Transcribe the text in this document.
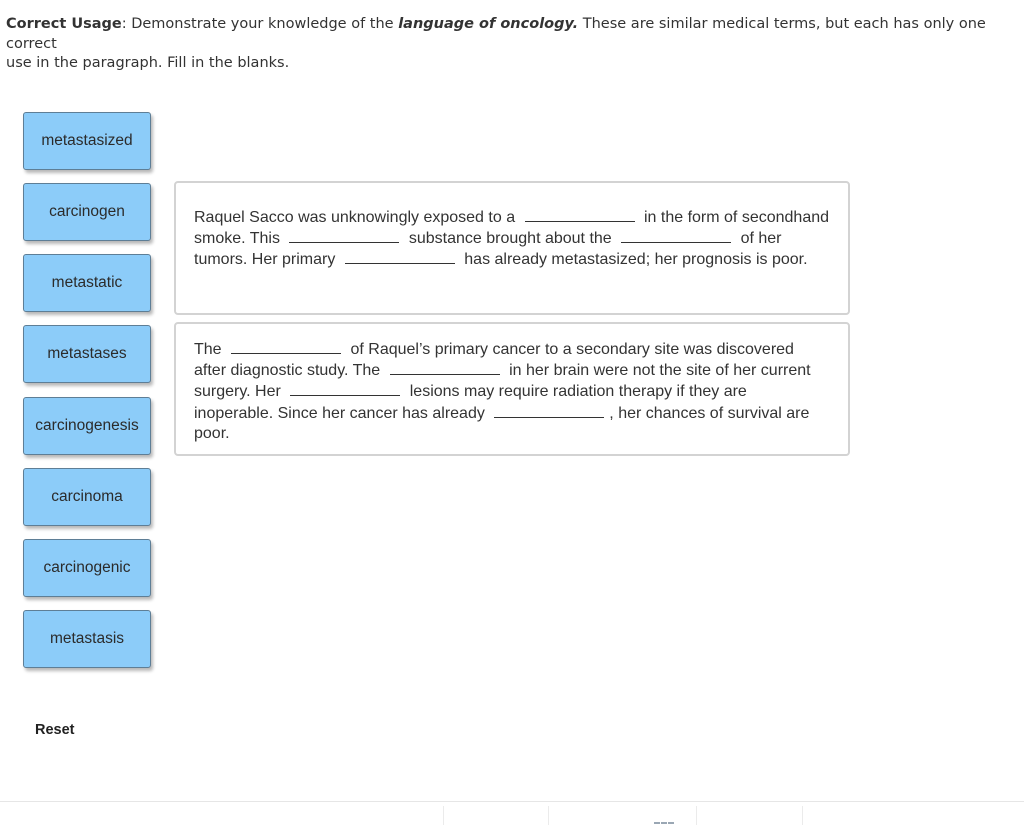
Correct Usage: Demonstrate your knowledge of the language of oncology. These are similar medical terms, but each has only one correct
use in the paragraph. Fill in the blanks.
metastasized
carcinogen
metastatic
metastases
carcinogenesis
carcinoma
carcinogenic
metastasis
Raquel Sacco was unknowingly exposed to a	in the form of secondhand smoke. This	substance brought about the	of her tumors. Her primary	has already metastasized; her prognosis is poor.
The	of Raquel’s primary cancer to a secondary site was discovered after diagnostic study. The	in her brain were not the site of her current surgery. Her	lesions may require radiation therapy if they are inoperable. Since her cancer has already	, her chances of survival are poor.
Reset
